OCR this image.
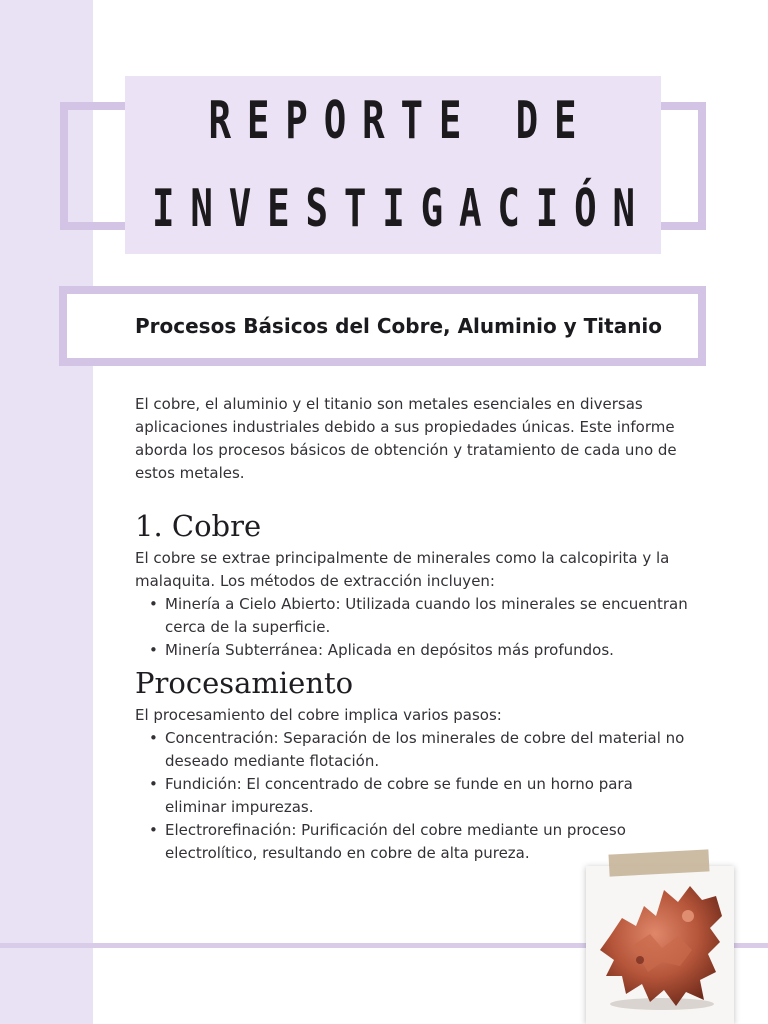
REPORTE DE
INVESTIGACIÓN
Procesos Básicos del Cobre, Aluminio y Titanio

El cobre, el aluminio y el titanio son metales esenciales en diversas aplicaciones industriales debido a sus propiedades únicas. Este informe aborda los procesos básicos de obtención y tratamiento de cada uno de estos metales.

1. Cobre

El cobre se extrae principalmente de minerales como la calcopirita y la malaquita. Los métodos de extracción incluyen:

• Minería a Cielo Abierto: Utilizada cuando los minerales se encuentran cerca de la superficie.
• Minería Subterránea: Aplicada en depósitos más profundos.
Procesamiento

El procesamiento del cobre implica varios pasos:

• Concentración: Separación de los minerales de cobre del material no deseado mediante flotación.
• Fundición: El concentrado de cobre se funde en un horno para eliminar impurezas.
• Electrorefinación: Purificación del cobre mediante un proceso electrolítico, resultando en cobre de alta pureza.
